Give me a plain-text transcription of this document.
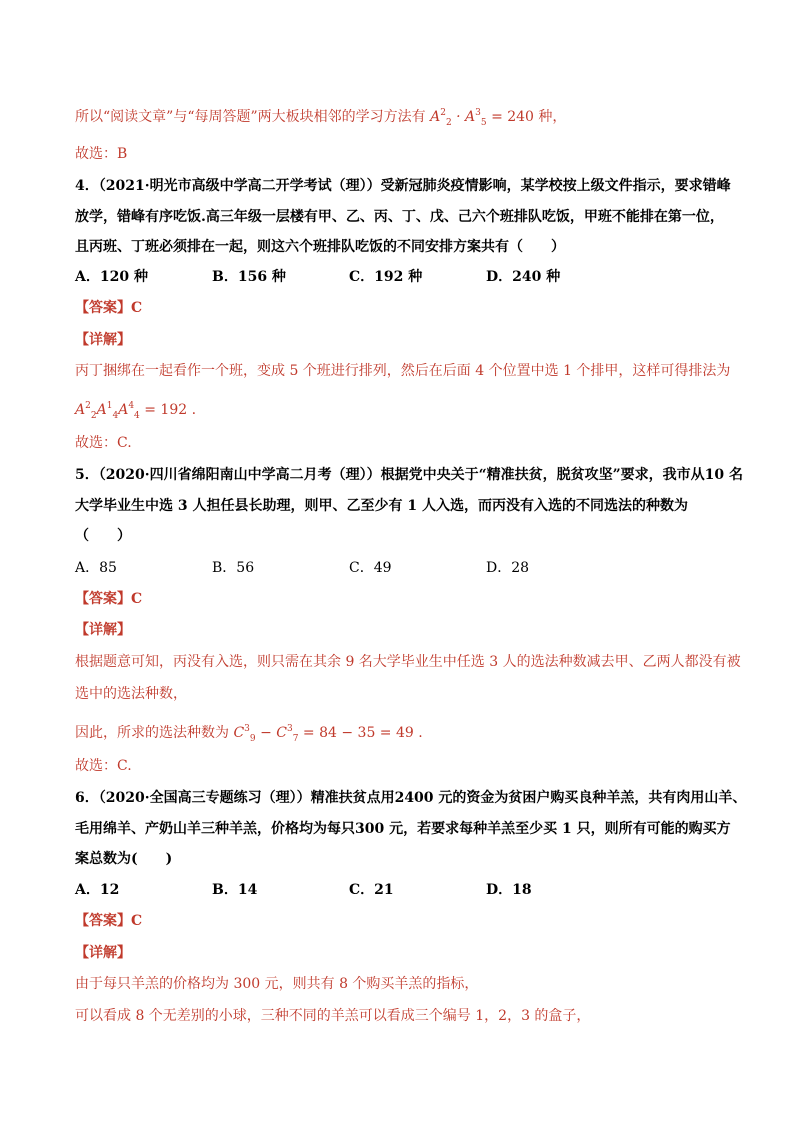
所以“阅读文章”与“每周答题”两大板块相邻的学习方法有 $A^2_2 \cdot A^3_5 = 240$ 种，
故选：B
4．（2021·明光市高级中学高二开学考试（理））受新冠肺炎疫情影响，某学校按上级文件指示，要求错峰
放学，错峰有序吃饭.高三年级一层楼有甲、乙、丙、丁、戊、己六个班排队吃饭，甲班不能排在第一位，
且丙班、丁班必须排在一起，则这六个班排队吃饭的不同安排方案共有（　　）
A．120 种	B．156 种	C．192 种	D．240 种
【答案】C
【详解】
丙丁捆绑在一起看作一个班，变成 5 个班进行排列，然后在后面 4 个位置中选 1 个排甲，这样可得排法为
$A^2_2A^1_4A^4_4 = 192$ .
故选：C.
5．（2020·四川省绵阳南山中学高二月考（理））根据党中央关于“精准扶贫，脱贫攻坚”要求，我市从10 名
大学毕业生中选 3 人担任县长助理，则甲、乙至少有 1 人入选，而丙没有入选的不同选法的种数为
（　　）
A．85	B．56	C．49	D．28
【答案】C
【详解】
根据题意可知，丙没有入选，则只需在其余 9 名大学毕业生中任选 3 人的选法种数减去甲、乙两人都没有被
选中的选法种数，
因此，所求的选法种数为 $C^3_9 - C^3_7 = 84 - 35 = 49$ .
故选：C.
6．（2020·全国高三专题练习（理））精准扶贫点用2400 元的资金为贫困户购买良种羊羔，共有肉用山羊、
毛用绵羊、产奶山羊三种羊羔，价格均为每只300 元，若要求每种羊羔至少买 1 只，则所有可能的购买方
案总数为(　　)
A．12	B．14	C．21	D．18
【答案】C
【详解】
由于每只羊羔的价格均为 300 元，则共有 8 个购买羊羔的指标，
可以看成 8 个无差别的小球，三种不同的羊羔可以看成三个编号 1，2，3 的盒子，
